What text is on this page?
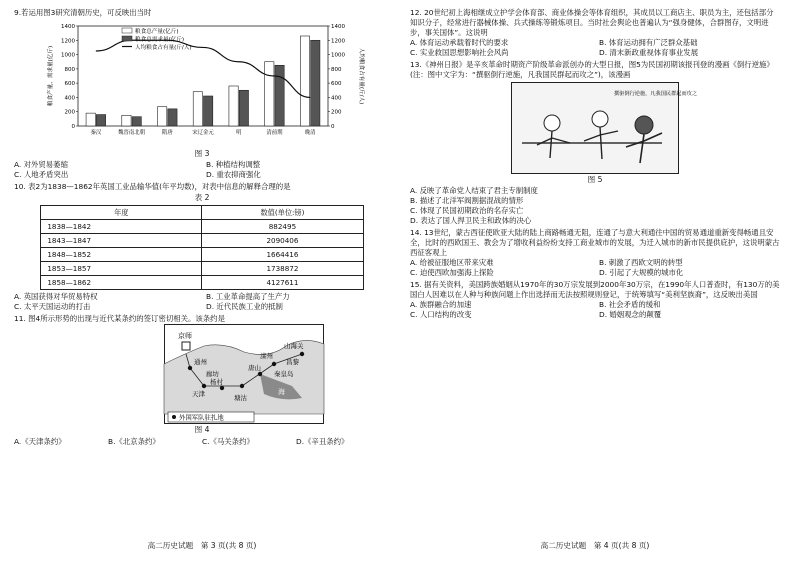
9.若运用图3研究清朝历史，可反映出当时
0
200
400
600
800
1000
1200
1400
0
200
400
600
800
1000
1200
1400
粮食产量、需求量(亿斤)	人均粮食占有量(斤/人)
秦汉	魏晋南北朝	隋唐	宋辽金元	明	清前期	晚清
粮食总产量(亿斤)
粮食总需求量(亿斤)
人均粮食占有量(斤/人)
图 3
A. 对外贸易萎缩	B. 种植结构调整
C. 人地矛盾突出	D. 重农抑商强化
10. 表2为1838—1862年英国工业品输华值(年平均数)，对表中信息的解释合理的是
表 2
年度	数值(单位:镑)
1838—1842	882495
1843—1847	2090406
1848—1852	1664416
1853—1857	1738872
1858—1862	4127611
A. 英国获得对华贸易特权	B. 工业革命提高了生产力
C. 太平天国运动的打击	D. 近代民族工业的抵制
11. 图4所示形势的出现与近代某条约的签订密切相关。该条约是
京师
通州
廊坊
杨村
天津	塘沽
山海关
秦皇岛
唐山
昌黎
滦州
海
外国军队驻扎地
图 4
A.《天津条约》	B.《北京条约》	C.《马关条约》	D.《辛丑条约》
高二历史试题　第 3 页(共 8 页)
12. 20世纪初上海相继成立护学会体育部、商业体操会等体育组织，其成员以工商店主、职员为主，还包括部分知识分子，经常进行器械体操、兵式操练等锻炼项目。当时社会舆论也普遍认为“强身健体，合群图存，文明进步，事关国体”。这说明
A. 体育运动承载着时代的要求	B. 体育运动拥有广泛群众基础
C. 实业救国思想影响社会风尚	D. 清末新政重视体育事业发展
13.《神州日报》是辛亥革命时期资产阶级革命派创办的大型日报，图5为民国初期该报刊登的漫画《倒行逆施》(注：图中文字为：“撰驱倒行逆施，凡我国民群起而攻之”)，该漫画
撰驱倒行逆施，凡我国民群起而攻之
图 5
A. 反映了革命党人结束了君主专制制度
B. 描述了北洋军阀割据混战的情形
C. 体现了民国初期政治的名存实亡
D. 表达了国人捍卫民主和政体的决心
14. 13世纪，蒙古西征使欧亚大陆的陆上商路畅通无阻，连通了与意大利通往中国的贸易通道重新变得畅通且安全，比时的西欧国王、教会为了增收利益纷纷支持工商业城市的发展，为迁入城市的新市民提供庇护，这说明蒙古西征客观上
A. 给被征服地区带来灾难	B. 刺激了西欧文明的转型
C. 迫使西欧加强海上探险	D. 引起了大规模的城市化
15. 据有关资料，美国跨族婚姻从1970年的30万宗发展到2000年30万宗，在1990年人口普查时，有130万的美国白人因难以在人种与种族问题上作出选择而无法按照规则登记，于统筹填写“美利坚族裔”，这反映出美国
A. 族群融合的加速	B. 社会矛盾的缓和
C. 人口结构的改变	D. 婚姻观念的颠覆
高二历史试题　第 4 页(共 8 页)
